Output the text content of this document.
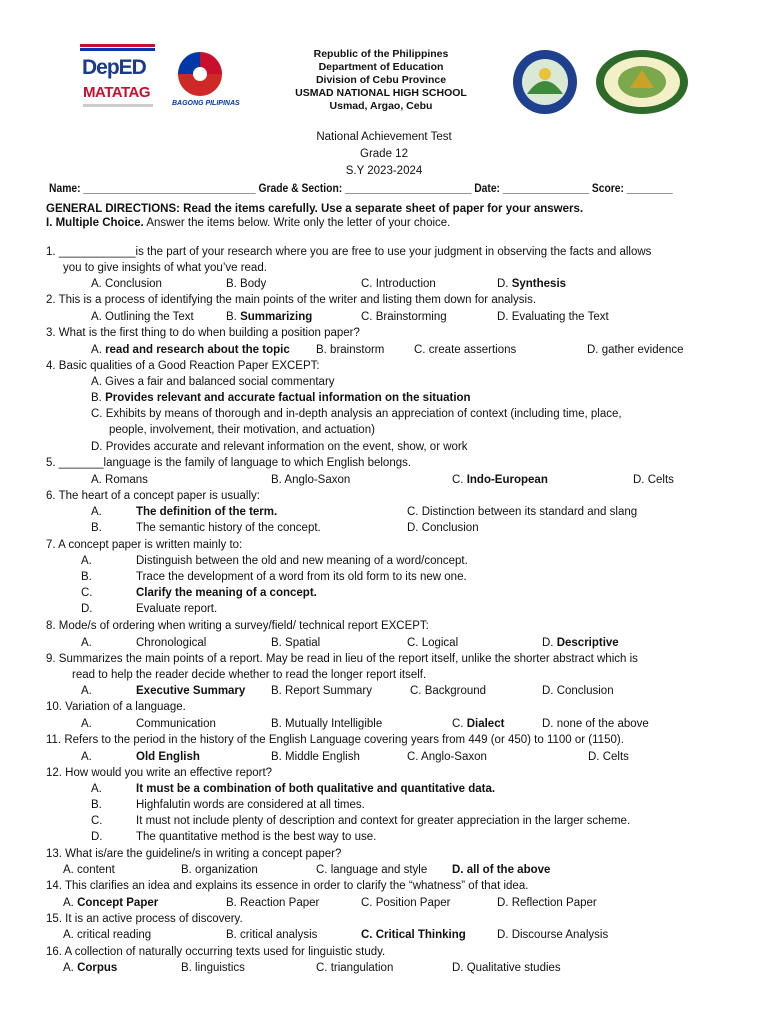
DepED
MATATAG
BAGONG PILIPINAS
Republic of the Philippines
Department of Education
Division of Cebu Province
USMAD NATIONAL HIGH SCHOOL
Usmad, Argao, Cebu
National Achievement Test
Grade 12
S.Y 2023-2024
Name: ______________________________ Grade & Section: ______________________ Date: _______________ Score: ________
GENERAL DIRECTIONS: Read the items carefully. Use a separate sheet of paper for your answers.
I. Multiple Choice. Answer the items below. Write only the letter of your choice.
1. ____________is the part of your research where you are free to use your judgment in observing the facts and allows
you to give insights of what you’ve read.
A. Conclusion	B. Body	C. Introduction	D. Synthesis
2. This is a process of identifying the main points of the writer and listing them down for analysis.
A. Outlining the Text	B. Summarizing	C. Brainstorming	D. Evaluating the Text
3. What is the first thing to do when building a position paper?
A. read and research about the topic B. brainstorm	C. create assertions	D. gather evidence
4. Basic qualities of a Good Reaction Paper EXCEPT:
A. Gives a fair and balanced social commentary
B. Provides relevant and accurate factual information on the situation
C. Exhibits by means of thorough and in-depth analysis an appreciation of context (including time, place,
people, involvement, their motivation, and actuation)
D. Provides accurate and relevant information on the event, show, or work
5. _______language is the family of language to which English belongs.
A. Romans	B. Anglo-Saxon	C. Indo-European	D. Celts
6. The heart of a concept paper is usually:
A.	The definition of the term.	C. Distinction between its standard and slang
B.	The semantic history of the concept.	D. Conclusion
7. A concept paper is written mainly to:
A.	Distinguish between the old and new meaning of a word/concept.
B.	Trace the development of a word from its old form to its new one.
C.	Clarify the meaning of a concept.
D.	Evaluate report.
8. Mode/s of ordering when writing a survey/field/ technical report EXCEPT:
A.	Chronological	B. Spatial	C. Logical	D. Descriptive
9. Summarizes the main points of a report. May be read in lieu of the report itself, unlike the shorter abstract which is
read to help the reader decide whether to read the longer report itself.
A.	Executive Summary B. Report Summary	C. Background	D. Conclusion
10. Variation of a language.
A.	Communication	B. Mutually Intelligible	C. Dialect	D. none of the above
11. Refers to the period in the history of the English Language covering years from 449 (or 450) to 1100 or (1150).
A.	Old English	B. Middle English	C. Anglo-Saxon	D. Celts
12. How would you write an effective report?
A.	It must be a combination of both qualitative and quantitative data.
B.	Highfalutin words are considered at all times.
C.	It must not include plenty of description and context for greater appreciation in the larger scheme.
D.	The quantitative method is the best way to use.
13. What is/are the guideline/s in writing a concept paper?
A. content	B. organization	C. language and style D. all of the above
14. This clarifies an idea and explains its essence in order to clarify the “whatness” of that idea.
A. Concept Paper	B. Reaction Paper	C. Position Paper	D. Reflection Paper
15. It is an active process of discovery.
A. critical reading	B. critical analysis	C. Critical Thinking	D. Discourse Analysis
16. A collection of naturally occurring texts used for linguistic study.
A. Corpus	B. linguistics	C. triangulation	D. Qualitative studies
